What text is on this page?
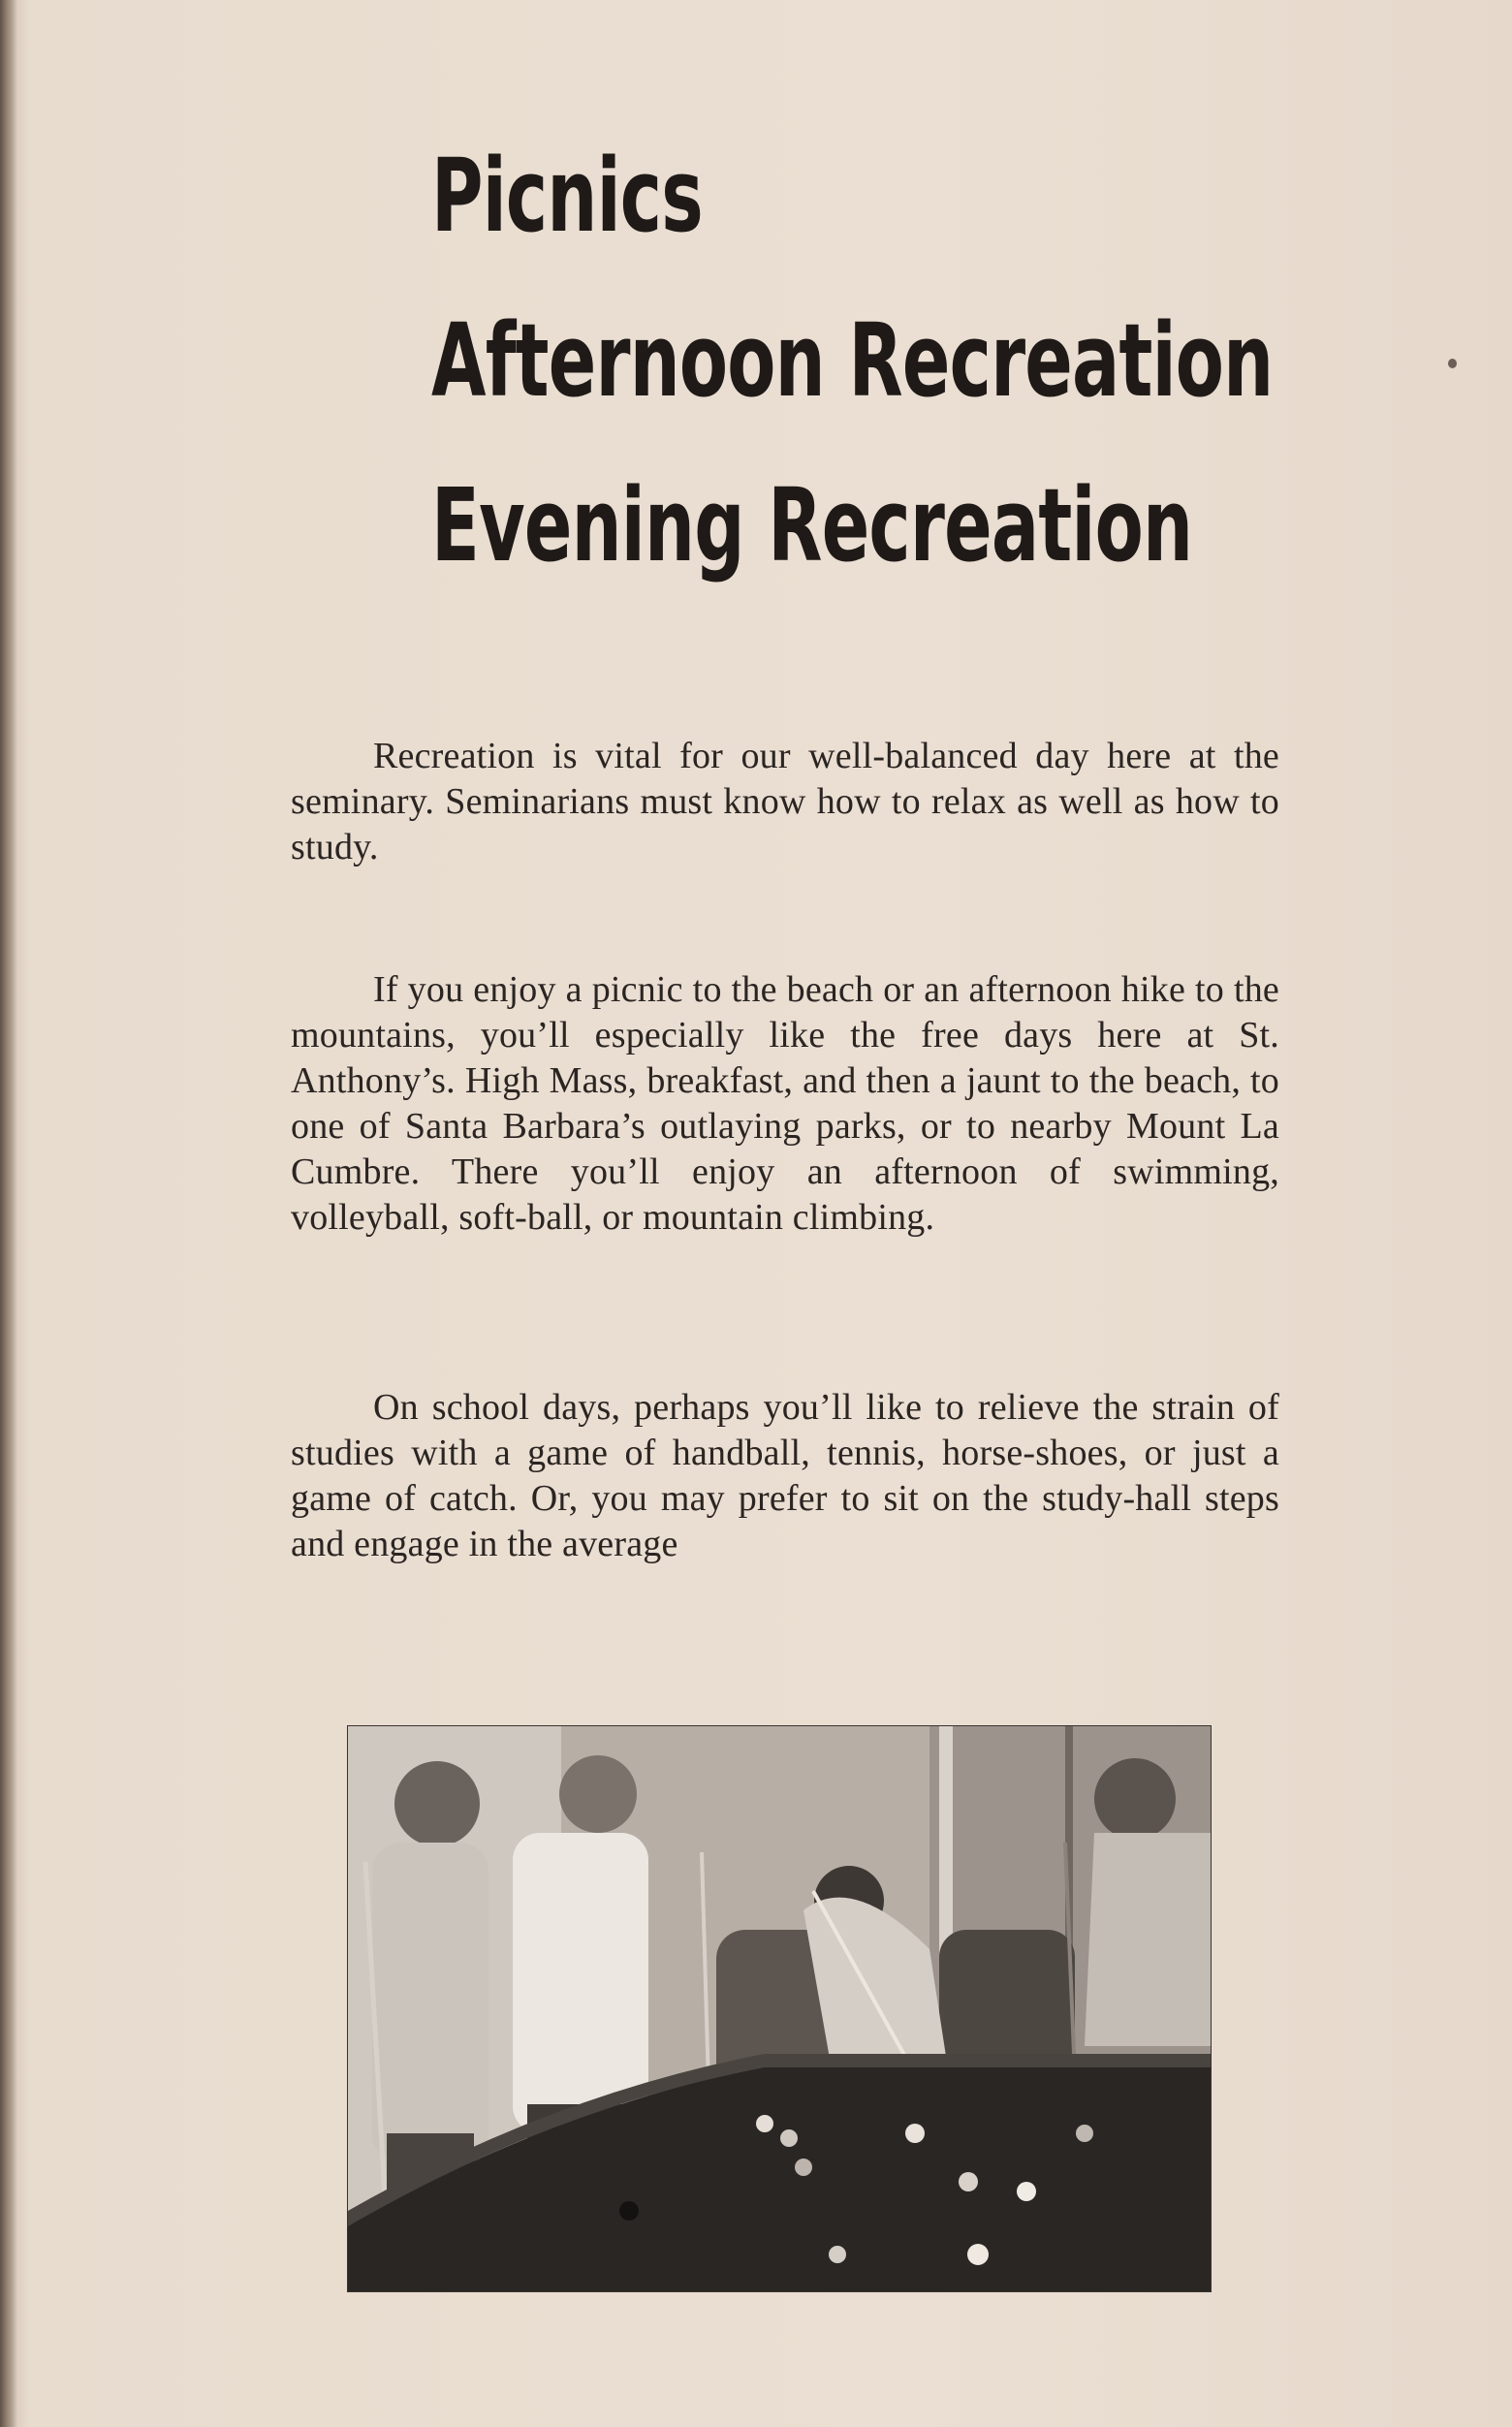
Picnics
Afternoon Recreation
Evening Recreation

Recreation is vital for our well-balanced day here at the seminary. Seminarians must know how to relax as well as how to study.

If you enjoy a picnic to the beach or an afternoon hike to the mountains, you’ll especially like the free days here at St. Anthony’s. High Mass, breakfast, and then a jaunt to the beach, to one of Santa Barbara’s outlaying parks, or to nearby Mount La Cumbre. There you’ll enjoy an afternoon of swimming, volleyball, soft-ball, or mountain climbing.

On school days, perhaps you’ll like to relieve the strain of studies with a game of handball, tennis, horse-shoes, or just a game of catch. Or, you may prefer to sit on the study-hall steps and engage in the average
